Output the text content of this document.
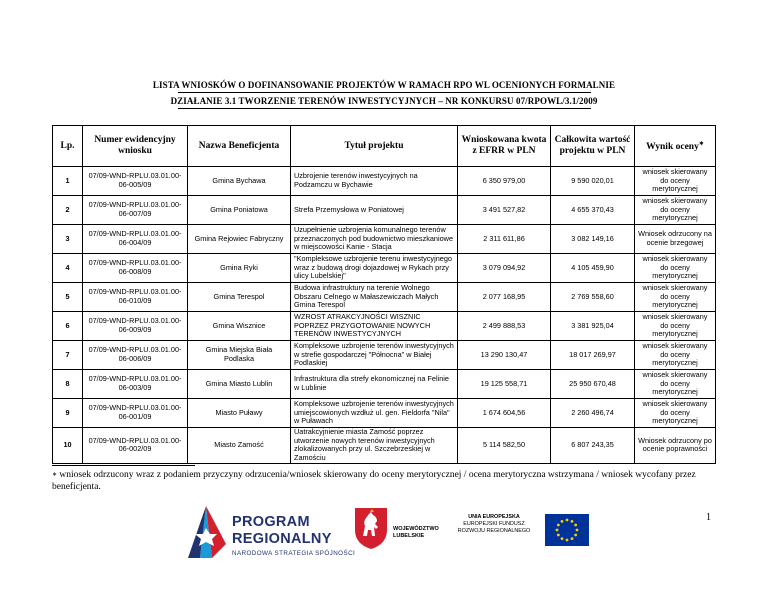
LISTA WNIOSKÓW O DOFINANSOWANIE PROJEKTÓW W RAMACH RPO WL OCENIONYCH FORMALNIE
DZIAŁANIE 3.1 TWORZENIE TERENÓW INWESTYCYJNYCH – NR KONKURSU 07/RPOWL/3.1/2009
Lp.	Numer ewidencyjny wniosku	Nazwa Beneficjenta	Tytuł projektu	Wnioskowana kwota z EFRR w PLN	Całkowita wartość projektu w PLN	Wynik oceny∗
1	07/09-WND-RPLU.03.01.00-06-005/09	Gmina Bychawa	Uzbrojenie terenów inwestycyjnych na Podzamczu w Bychawie	6 350 979,00	9 590 020,01	wniosek skierowany do oceny merytorycznej
2	07/09-WND-RPLU.03.01.00-06-007/09	Gmina Poniatowa	Strefa Przemysłowa w Poniatowej	3 491 527,82	4 655 370,43	wniosek skierowany do oceny merytorycznej
3	07/09-WND-RPLU.03.01.00-06-004/09	Gmina Rejowiec Fabryczny	Uzupełnienie uzbrojenia komunalnego terenów przeznaczonych pod budownictwo mieszkaniowe w miejscowości Kanie - Stacja	2 311 611,86	3 082 149,16	Wniosek odrzucony na ocenie brzegowej
4	07/09-WND-RPLU.03.01.00-06-008/09	Gmina Ryki	"Kompleksowe uzbrojenie terenu inwestycyjnego wraz z budową drogi dojazdowej w Rykach przy ulicy Lubelskiej"	3 079 094,92	4 105 459,90	wniosek skierowany do oceny merytorycznej
5	07/09-WND-RPLU.03.01.00-06-010/09	Gmina Terespol	Budowa infrastruktury na terenie Wolnego Obszaru Celnego w Małaszewiczach Małych Gmina Terespol	2 077 168,95	2 769 558,60	wniosek skierowany do oceny merytorycznej
6	07/09-WND-RPLU.03.01.00-06-009/09	Gmina Wisznice	WZROST ATRAKCYJNOŚCI WISZNIC POPRZEZ PRZYGOTOWANIE NOWYCH TERENÓW INWESTYCYJNYCH	2 499 888,53	3 381 925,04	wniosek skierowany do oceny merytorycznej
7	07/09-WND-RPLU.03.01.00-06-006/09	Gmina Miejska Biała Podlaska	Kompleksowe uzbrojenie terenów inwestycyjnych w strefie gospodarczej "Północna" w Białej Podlaskiej	13 290 130,47	18 017 269,97	wniosek skierowany do oceny merytorycznej
8	07/09-WND-RPLU.03.01.00-06-003/09	Gmina Miasto Lublin	Infrastruktura dla strefy ekonomicznej na Felinie w Lublinie	19 125 558,71	25 950 670,48	wniosek skierowany do oceny merytorycznej
9	07/09-WND-RPLU.03.01.00-06-001/09	Miasto Puławy	Kompleksowe uzbrojenie terenów inwestycyjnych umiejscowionych wzdłuż ul. gen. Fieldorfa "Nila" w Puławach	1 674 604,56	2 260 496,74	wniosek skierowany do oceny merytorycznej
10	07/09-WND-RPLU.03.01.00-06-002/09	Miasto Zamość	Uatrakcyjnienie miasta Zamość poprzez utworzenie nowych terenów inwestycyjnych zlokalizowanych przy ul. Szczebrzeskiej w Zamościu	5 114 582,50	6 807 243,35	Wniosek odrzucony po ocenie poprawności
∗ wniosek odrzucony wraz z podaniem przyczyny odrzucenia/wniosek skierowany do oceny merytorycznej / ocena merytoryczna wstrzymana / wniosek wycofany przez beneficjenta.
1
PROGRAM
REGIONALNY
NARODOWA STRATEGIA SPÓJNOŚCI
WOJEWÓDZTWO
LUBELSKIE
UNIA EUROPEJSKA
EUROPEJSKI FUNDUSZ
ROZWOJU REGIONALNEGO
